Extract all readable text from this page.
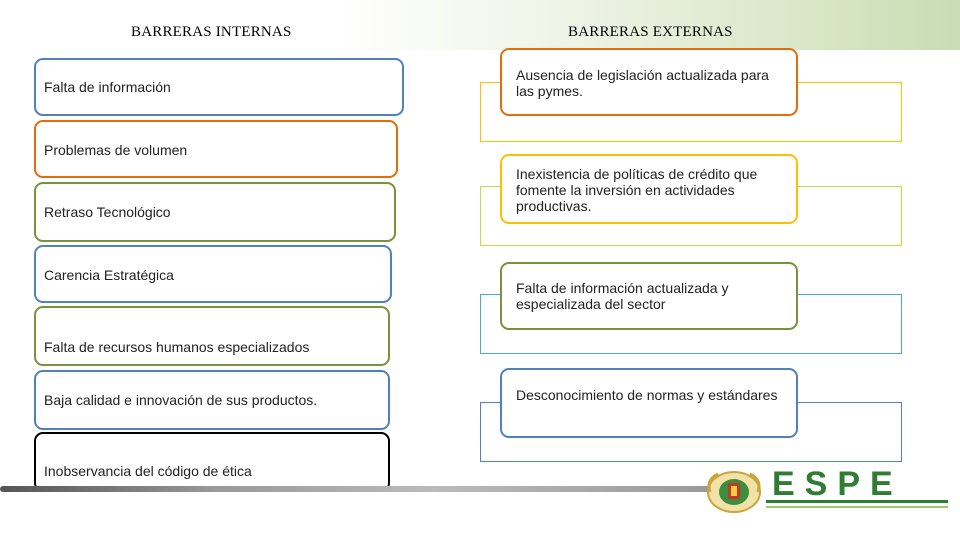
BARRERAS INTERNAS	BARRERAS EXTERNAS
Falta de información
Problemas de volumen
Retraso Tecnológico
Carencia Estratégica
Falta de recursos humanos especializados
Baja calidad e innovación de sus productos.
Inobservancia del código de ética
Ausencia de legislación actualizada para las pymes.
Inexistencia de políticas de crédito que fomente la inversión en actividades productivas.
Falta de información actualizada y especializada del sector
Desconocimiento de normas y estándares
ESPE
